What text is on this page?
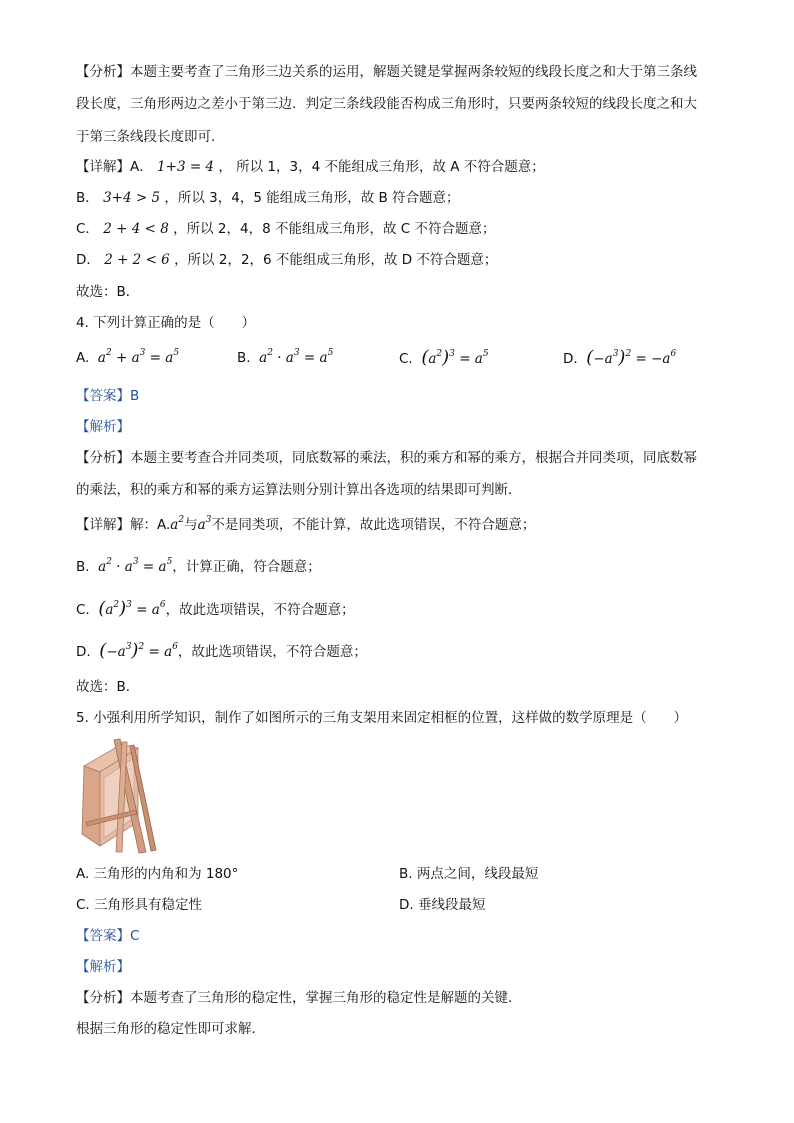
【分析】本题主要考查了三角形三边关系的运用，解题关键是掌握两条较短的线段长度之和大于第三条线
段长度，三角形两边之差小于第三边．判定三条线段能否构成三角形时，只要两条较短的线段长度之和大
于第三条线段长度即可．
【详解】A． 1+3 = 4 ， 所以 1，3，4 不能组成三角形，故 A 不符合题意；
B． 3+4 > 5 ，所以 3，4，5 能组成三角形，故 B 符合题意；
C． 2 + 4 < 8 ，所以 2，4，8 不能组成三角形，故 C 不符合题意；
D． 2 + 2 < 6 ，所以 2，2，6 不能组成三角形，故 D 不符合题意；
故选：B．
4. 下列计算正确的是（　　）
A.  $a^2 + a^3 = a^5$	B.  $a^2 \cdot a^3 = a^5$	C. $(a^2)^3 = a^5$	D. $(-a^3)^2 = -a^6$
【答案】B
【解析】
【分析】本题主要考查合并同类项，同底数幂的乘法，积的乘方和幂的乘方，根据合并同类项，同底数幂
的乘法，积的乘方和幂的乘方运算法则分别计算出各选项的结果即可判断．
【详解】解：$A.a^2$与$a^3$不是同类项，不能计算，故此选项错误，不符合题意；
B.  $a^2 \cdot a^3 = a^5$，计算正确，符合题意；
C. $(a^2)^3 = a^6$，故此选项错误，不符合题意；
D. $(-a^3)^2 = a^6$，故此选项错误，不符合题意；
故选：B．
5. 小强利用所学知识，制作了如图所示的三角支架用来固定相框的位置，这样做的数学原理是（　　）
A. 三角形的内角和为 180°	B. 两点之间，线段最短
C. 三角形具有稳定性	D. 垂线段最短
【答案】C
【解析】
【分析】本题考查了三角形的稳定性，掌握三角形的稳定性是解题的关键．
根据三角形的稳定性即可求解．
